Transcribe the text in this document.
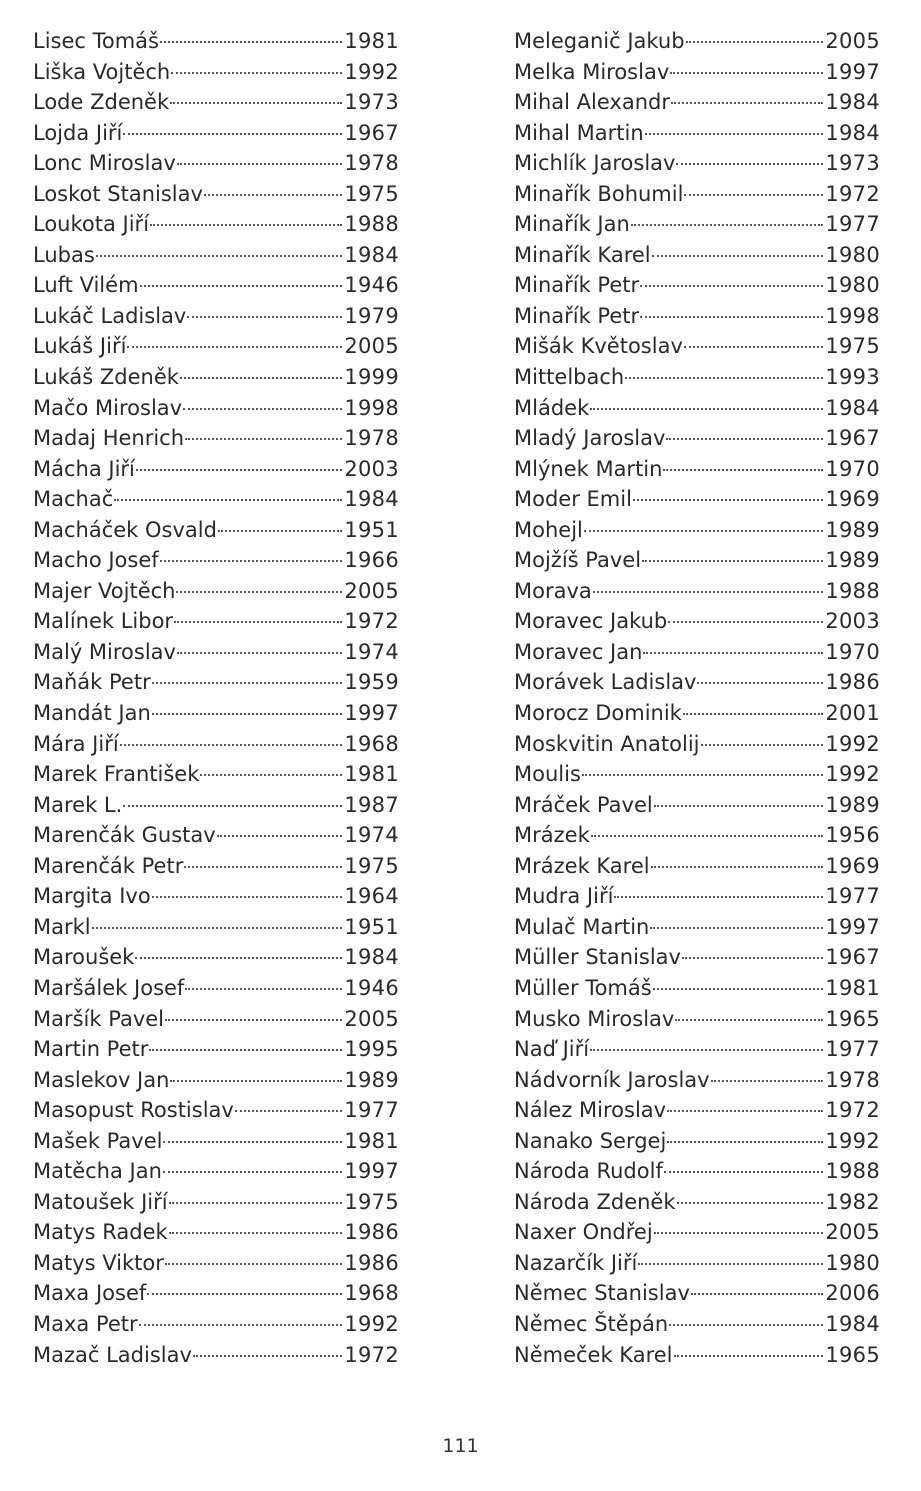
Lisec Tomáš	1981
Liška Vojtěch	1992
Lode Zdeněk	1973
Lojda Jiří	1967
Lonc Miroslav	1978
Loskot Stanislav	1975
Loukota Jiří	1988
Lubas	1984
Luft Vilém	1946
Lukáč Ladislav	1979
Lukáš Jiří	2005
Lukáš Zdeněk	1999
Mačo Miroslav	1998
Madaj Henrich	1978
Mácha Jiří	2003
Machač	1984
Macháček Osvald	1951
Macho Josef	1966
Majer Vojtěch	2005
Malínek Libor	1972
Malý Miroslav	1974
Maňák Petr	1959
Mandát Jan	1997
Mára Jiří	1968
Marek František	1981
Marek L.	1987
Marenčák Gustav	1974
Marenčák Petr	1975
Margita Ivo	1964
Markl	1951
Maroušek	1984
Maršálek Josef	1946
Maršík Pavel	2005
Martin Petr	1995
Maslekov Jan	1989
Masopust Rostislav	1977
Mašek Pavel	1981
Matěcha Jan	1997
Matoušek Jiří	1975
Matys Radek	1986
Matys Viktor	1986
Maxa Josef	1968
Maxa Petr	1992
Mazač Ladislav	1972
Meleganič Jakub	2005
Melka Miroslav	1997
Mihal Alexandr	1984
Mihal Martin	1984
Michlík Jaroslav	1973
Minařík Bohumil	1972
Minařík Jan	1977
Minařík Karel	1980
Minařík Petr	1980
Minařík Petr	1998
Mišák Květoslav	1975
Mittelbach	1993
Mládek	1984
Mladý Jaroslav	1967
Mlýnek Martin	1970
Moder Emil	1969
Mohejl	1989
Mojžíš Pavel	1989
Morava	1988
Moravec Jakub	2003
Moravec Jan	1970
Morávek Ladislav	1986
Morocz Dominik	2001
Moskvitin Anatolij	1992
Moulis	1992
Mráček Pavel	1989
Mrázek	1956
Mrázek Karel	1969
Mudra Jiří	1977
Mulač Martin	1997
Müller Stanislav	1967
Müller Tomáš	1981
Musko Miroslav	1965
Naď Jiří	1977
Nádvorník Jaroslav	1978
Nález Miroslav	1972
Nanako Sergej	1992
Národa Rudolf	1988
Národa Zdeněk	1982
Naxer Ondřej	2005
Nazarčík Jiří	1980
Němec Stanislav	2006
Němec Štěpán	1984
Němeček Karel	1965
111
